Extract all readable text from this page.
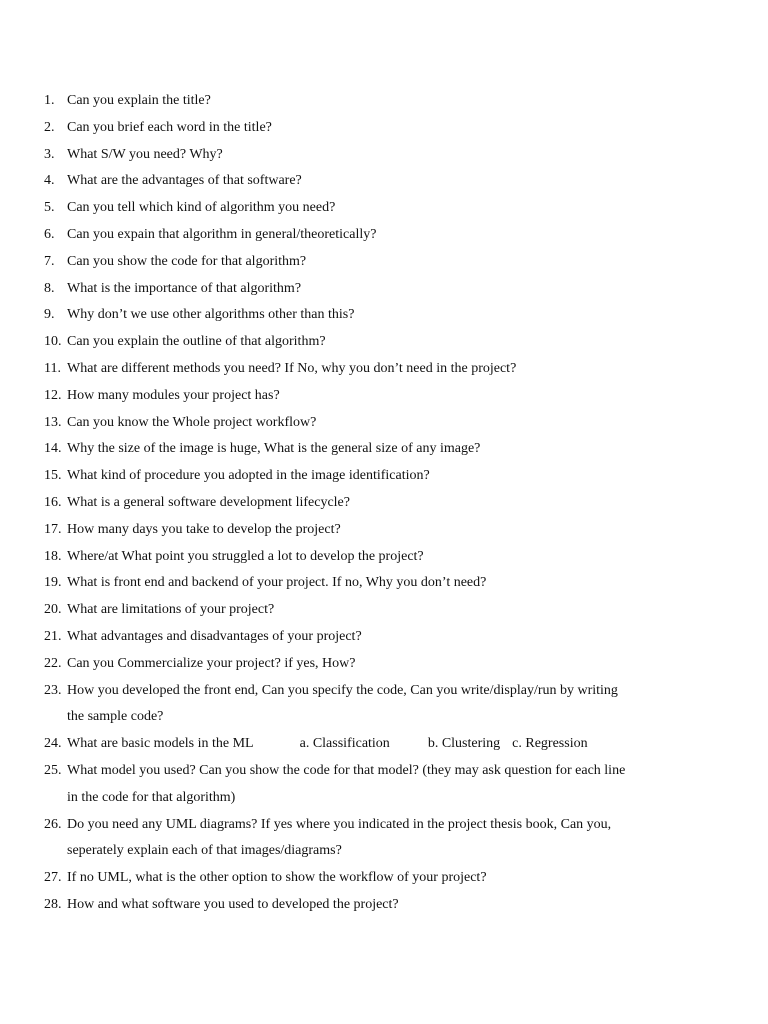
1. Can you explain the title?
2. Can you brief each word in the title?
3. What S/W you need? Why?
4. What are the advantages of that software?
5. Can you tell which kind of algorithm you need?
6. Can you expain that algorithm in general/theoretically?
7. Can you show the code for that algorithm?
8. What is the importance of that algorithm?
9. Why don’t we use other algorithms other than this?
10. Can you explain the outline of that algorithm?
11. What are different methods you need? If No, why you don’t need in the project?
12. How many modules your project has?
13. Can you know the Whole project workflow?
14. Why the size of the image is huge, What is the general size of any image?
15. What kind of procedure you adopted in the image identification?
16. What is a general software development lifecycle?
17. How many days you take to develop the project?
18. Where/at What point you struggled a lot to develop the project?
19. What is front end and backend of your project. If no, Why you don’t need?
20. What are limitations of your project?
21. What advantages and disadvantages of your project?
22. Can you Commercialize your project? if yes, How?
23. How you developed the front end, Can you specify the code, Can you write/display/run by writing
the sample code?
24. What are basic models in the ML	a. Classification	b. Clustering c. Regression
25. What model you used? Can you show the code for that model? (they may ask question for each line
in the code for that algorithm)
26. Do you need any UML diagrams? If yes where you indicated in the project thesis book, Can you,
seperately explain each of that images/diagrams?
27. If no UML, what is the other option to show the workflow of your project?
28. How and what software you used to developed the project?
